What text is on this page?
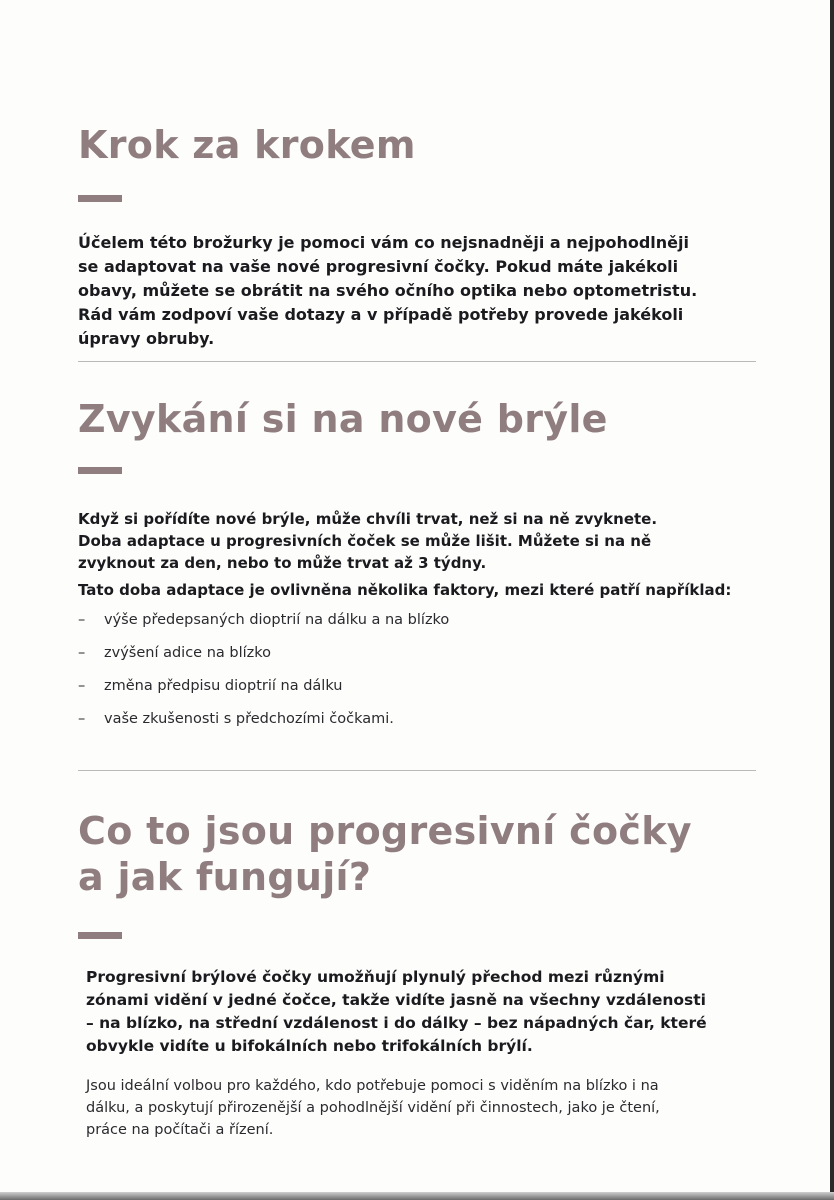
Krok za krokem
Účelem této brožurky je pomoci vám co nejsnadněji a nejpohodlněji
se adaptovat na vaše nové progresivní čočky. Pokud máte jakékoli
obavy, můžete se obrátit na svého očního optika nebo optometristu.
Rád vám zodpoví vaše dotazy a v případě potřeby provede jakékoli
úpravy obruby.
Zvykání si na nové brýle
Když si pořídíte nové brýle, může chvíli trvat, než si na ně zvyknete.
Doba adaptace u progresivních čoček se může lišit. Můžete si na ně
zvyknout za den, nebo to může trvat až 3 týdny.
Tato doba adaptace je ovlivněna několika faktory, mezi které patří například:
–	výše předepsaných dioptrií na dálku a na blízko
–	zvýšení adice na blízko
–	změna předpisu dioptrií na dálku
–	vaše zkušenosti s předchozími čočkami.
Co to jsou progresivní čočky
a jak fungují?
Progresivní brýlové čočky umožňují plynulý přechod mezi různými
zónami vidění v jedné čočce, takže vidíte jasně na všechny vzdálenosti
– na blízko, na střední vzdálenost i do dálky – bez nápadných čar, které
obvykle vidíte u bifokálních nebo trifokálních brýlí.
Jsou ideální volbou pro každého, kdo potřebuje pomoci s viděním na blízko i na
dálku, a poskytují přirozenější a pohodlnější vidění při činnostech, jako je čtení,
práce na počítači a řízení.
